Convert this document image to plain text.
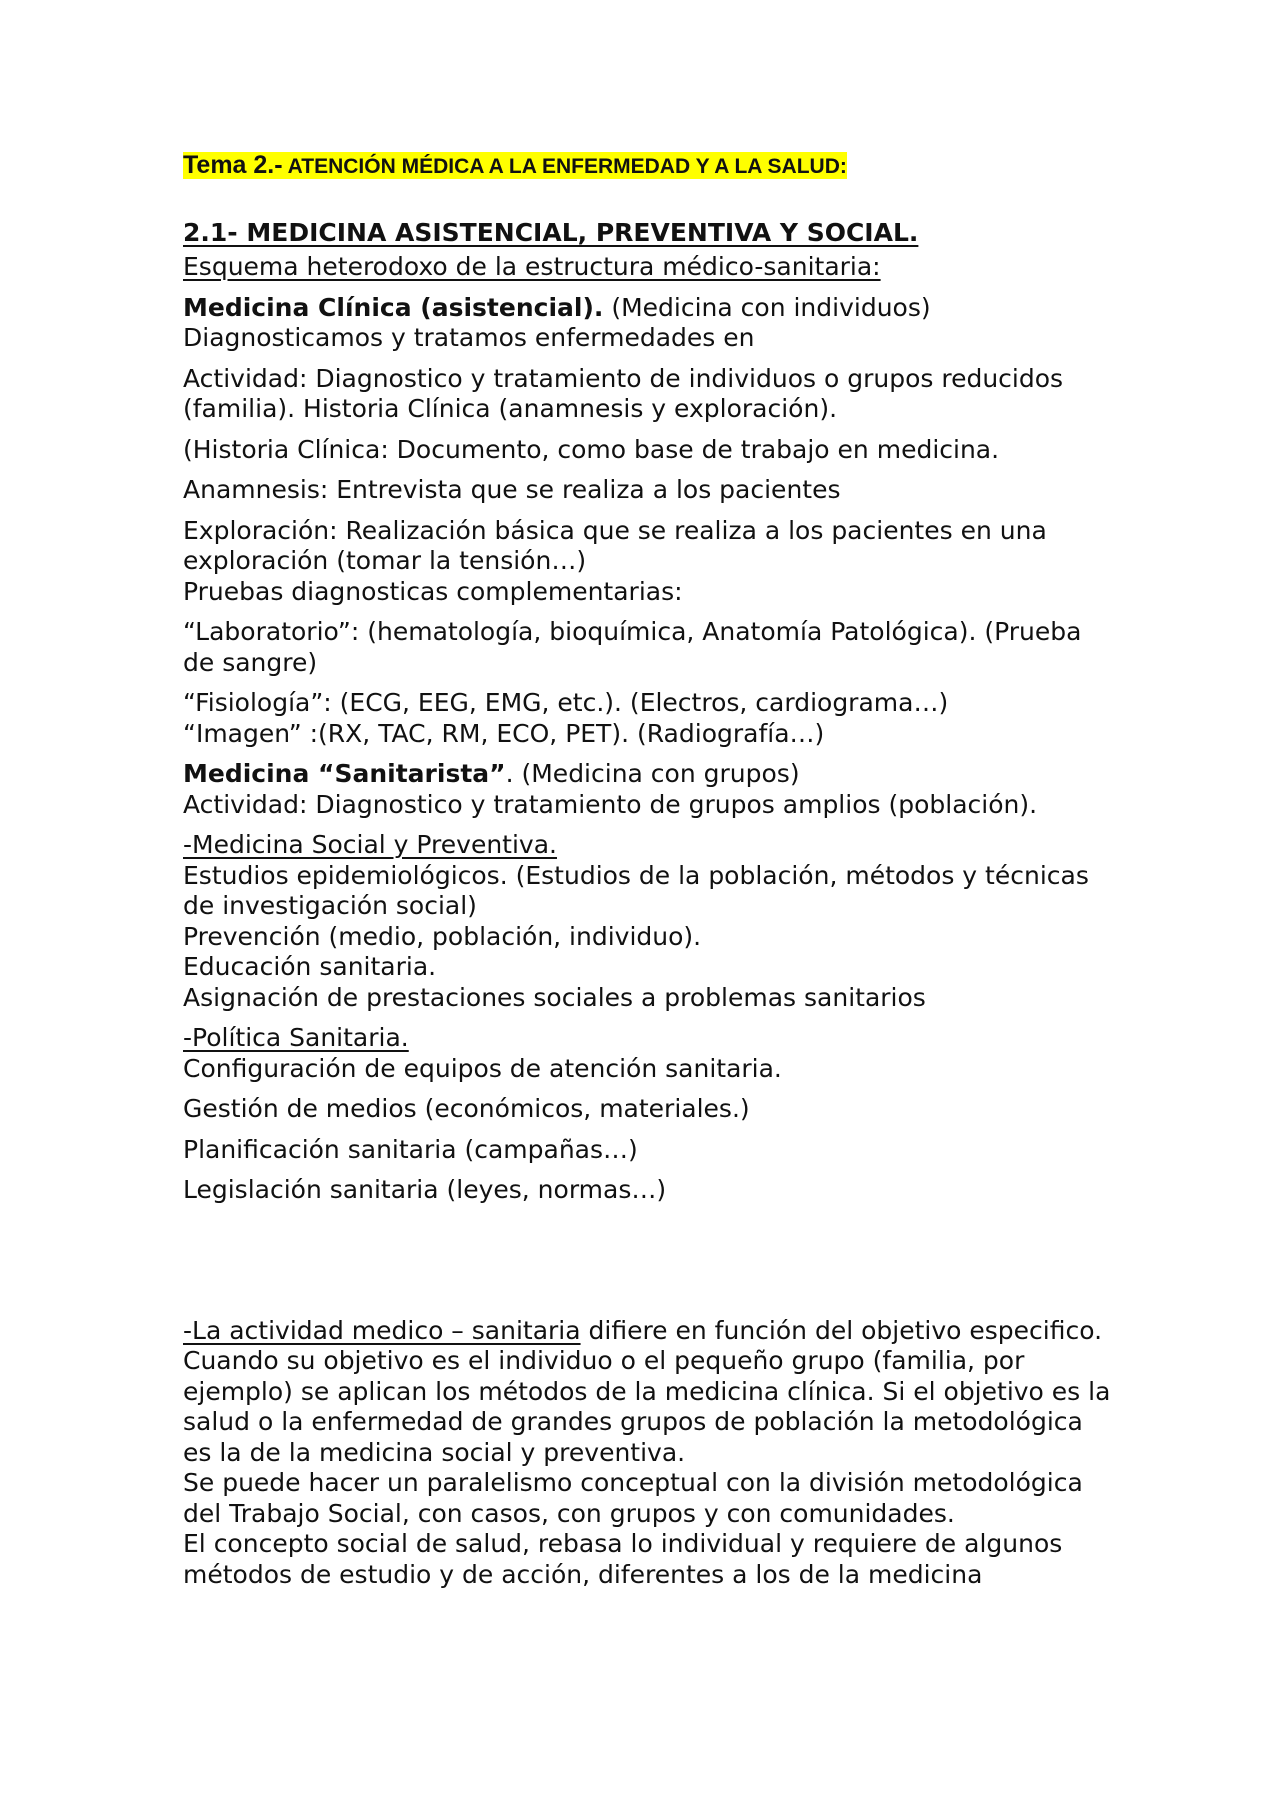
Tema 2.- ATENCIÓN MÉDICA A LA ENFERMEDAD Y A LA SALUD:
2.1- MEDICINA ASISTENCIAL, PREVENTIVA Y SOCIAL.

Esquema heterodoxo de la estructura médico-sanitaria:

Medicina Clínica (asistencial). (Medicina con individuos)

Diagnosticamos y tratamos enfermedades en

Actividad: Diagnostico y tratamiento de individuos o grupos reducidos (familia). Historia Clínica (anamnesis y exploración).

(Historia Clínica: Documento, como base de trabajo en medicina.

Anamnesis: Entrevista que se realiza a los pacientes

Exploración: Realización básica que se realiza a los pacientes en una exploración (tomar la tensión…)

Pruebas diagnosticas complementarias:

“Laboratorio”: (hematología, bioquímica, Anatomía Patológica). (Prueba de sangre)

“Fisiología”: (ECG, EEG, EMG, etc.). (Electros, cardiograma…)

“Imagen” :(RX, TAC, RM, ECO, PET). (Radiografía…)

Medicina “Sanitarista”. (Medicina con grupos)

Actividad: Diagnostico y tratamiento de grupos amplios (población).

-Medicina Social y Preventiva.

Estudios epidemiológicos. (Estudios de la población, métodos y técnicas de investigación social)

Prevención (medio, población, individuo).

Educación sanitaria.

Asignación de prestaciones sociales a problemas sanitarios

-Política Sanitaria.

Configuración de equipos de atención sanitaria.

Gestión de medios (económicos, materiales.)

Planificación sanitaria (campañas…)

Legislación sanitaria (leyes, normas…)

-La actividad medico – sanitaria difiere en función del objetivo especifico.

Cuando su objetivo es el individuo o el pequeño grupo (familia, por ejemplo) se aplican los métodos de la medicina clínica. Si el objetivo es la salud o la enfermedad de grandes grupos de población la metodológica es la de la medicina social y preventiva.

Se puede hacer un paralelismo conceptual con la división metodológica del Trabajo Social, con casos, con grupos y con comunidades.

El concepto social de salud, rebasa lo individual y requiere de algunos métodos de estudio y de acción, diferentes a los de la medicina
